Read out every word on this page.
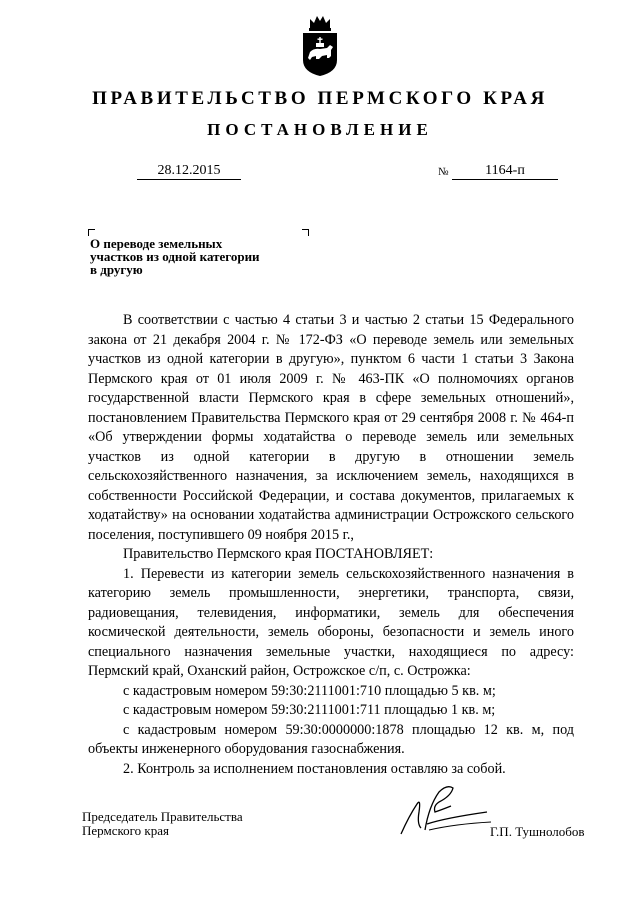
ПРАВИТЕЛЬСТВО ПЕРМСКОГО КРАЯ
ПОСТАНОВЛЕНИЕ
28.12.2015	№	1164-п
О переводе земельных
участков из одной категории
в другую

В соответствии с частью 4 статьи 3 и частью 2 статьи 15 Федерального закона от 21 декабря 2004 г. № 172-ФЗ «О переводе земель или земельных участков из одной категории в другую», пунктом 6 части 1 статьи 3 Закона Пермского края от 01 июля 2009 г. № 463-ПК «О полномочиях органов государственной власти Пермского края в сфере земельных отношений», постановлением Правительства Пермского края от 29 сентября 2008 г. № 464-п «Об утверждении формы ходатайства о переводе земель или земельных участков из одной категории в другую в отношении земель сельскохозяйственного назначения, за исключением земель, находящихся в собственности Российской Федерации, и состава документов, прилагаемых к ходатайству» на основании ходатайства администрации Острожского сельского поселения, поступившего 09 ноября 2015 г.,

Правительство Пермского края ПОСТАНОВЛЯЕТ:

1. Перевести из категории земель сельскохозяйственного назначения в категорию земель промышленности, энергетики, транспорта, связи, радиовещания, телевидения, информатики, земель для обеспечения космической деятельности, земель обороны, безопасности и земель иного специального назначения земельные участки, находящиеся по адресу: Пермский край, Оханский район, Острожское с/п, с. Острожка:

с кадастровым номером 59:30:2111001:710 площадью 5 кв. м;

с кадастровым номером 59:30:2111001:711 площадью 1 кв. м;

с кадастровым номером 59:30:0000000:1878 площадью 12 кв. м, под объекты инженерного оборудования газоснабжения.

2. Контроль за исполнением постановления оставляю за собой.

Председатель Правительства
Пермского края	Г.П. Тушнолобов
